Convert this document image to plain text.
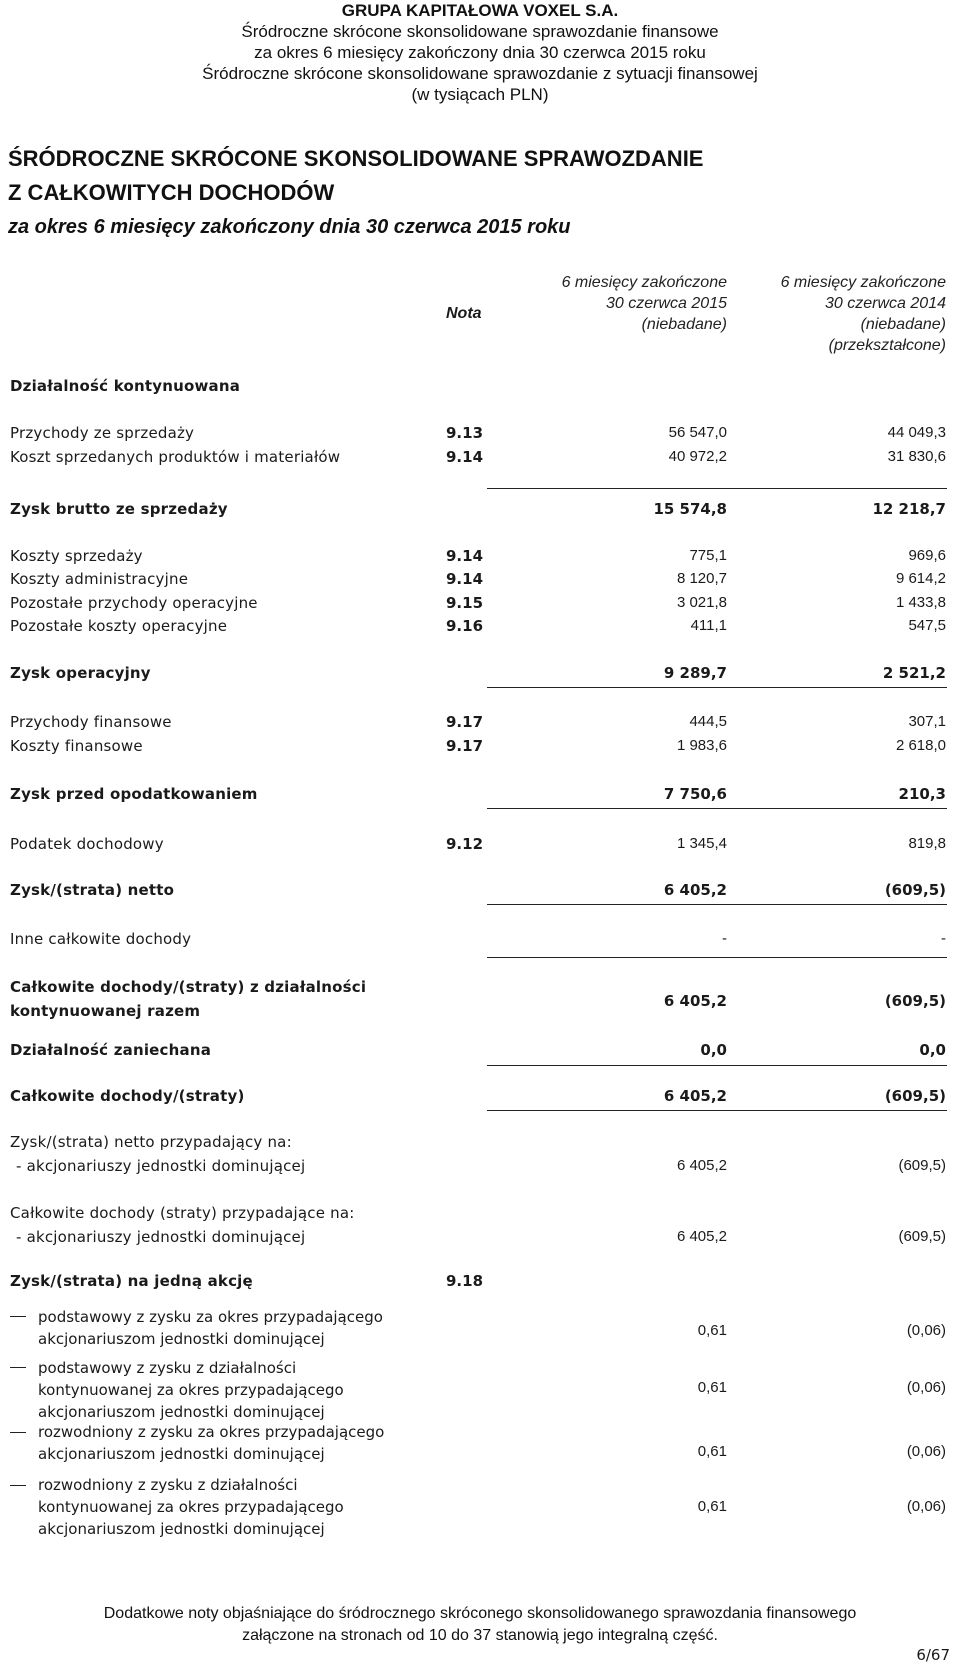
GRUPA KAPITAŁOWA VOXEL S.A.
Śródroczne skrócone skonsolidowane sprawozdanie finansowe
za okres 6 miesięcy zakończony dnia 30 czerwca 2015 roku
Śródroczne skrócone skonsolidowane sprawozdanie z sytuacji finansowej
(w tysiącach PLN)
ŚRÓDROCZNE SKRÓCONE SKONSOLIDOWANE SPRAWOZDANIE
Z CAŁKOWITYCH DOCHODÓW
za okres 6 miesięcy zakończony dnia 30 czerwca 2015 roku
Nota
6 miesięcy zakończone
30 czerwca 2015
(niebadane)
6 miesięcy zakończone
30 czerwca 2014
(niebadane)
(przekształcone)
Działalność kontynuowana
Przychody ze sprzedaży	9.13	56 547,0	44 049,3
Koszt sprzedanych produktów i materiałów	9.14	40 972,2	31 830,6
Zysk brutto ze sprzedaży	15 574,8	12 218,7
Koszty sprzedaży	9.14	775,1	969,6
Koszty administracyjne	9.14	8 120,7	9 614,2
Pozostałe przychody operacyjne	9.15	3 021,8	1 433,8
Pozostałe koszty operacyjne	9.16	411,1	547,5
Zysk operacyjny	9 289,7	2 521,2
Przychody finansowe	9.17	444,5	307,1
Koszty finansowe	9.17	1 983,6	2 618,0
Zysk przed opodatkowaniem	7 750,6	210,3
Podatek dochodowy	9.12	1 345,4	819,8
Zysk/(strata) netto	6 405,2	(609,5)
Inne całkowite dochody	-	-
Całkowite dochody/(straty) z działalności
kontynuowanej razem
6 405,2	(609,5)
Działalność zaniechana	0,0	0,0
Całkowite dochody/(straty)	6 405,2	(609,5)
Zysk/(strata) netto przypadający na:
- akcjonariuszy jednostki dominującej	6 405,2	(609,5)
Całkowite dochody (straty) przypadające na:
- akcjonariuszy jednostki dominującej	6 405,2	(609,5)
Zysk/(strata) na jedną akcję	9.18
podstawowy z zysku za okres przypadającego
akcjonariuszom jednostki dominującej	0,61	(0,06)
podstawowy z zysku z działalności
kontynuowanej za okres przypadającego
akcjonariuszom jednostki dominującej
0,61	(0,06)
rozwodniony z zysku za okres przypadającego
akcjonariuszom jednostki dominującej	0,61	(0,06)
rozwodniony z zysku z działalności
kontynuowanej za okres przypadającego
akcjonariuszom jednostki dominującej
0,61	(0,06)
Dodatkowe noty objaśniające do śródrocznego skróconego skonsolidowanego sprawozdania finansowego
załączone na stronach od 10 do 37 stanowią jego integralną część.
6/67
